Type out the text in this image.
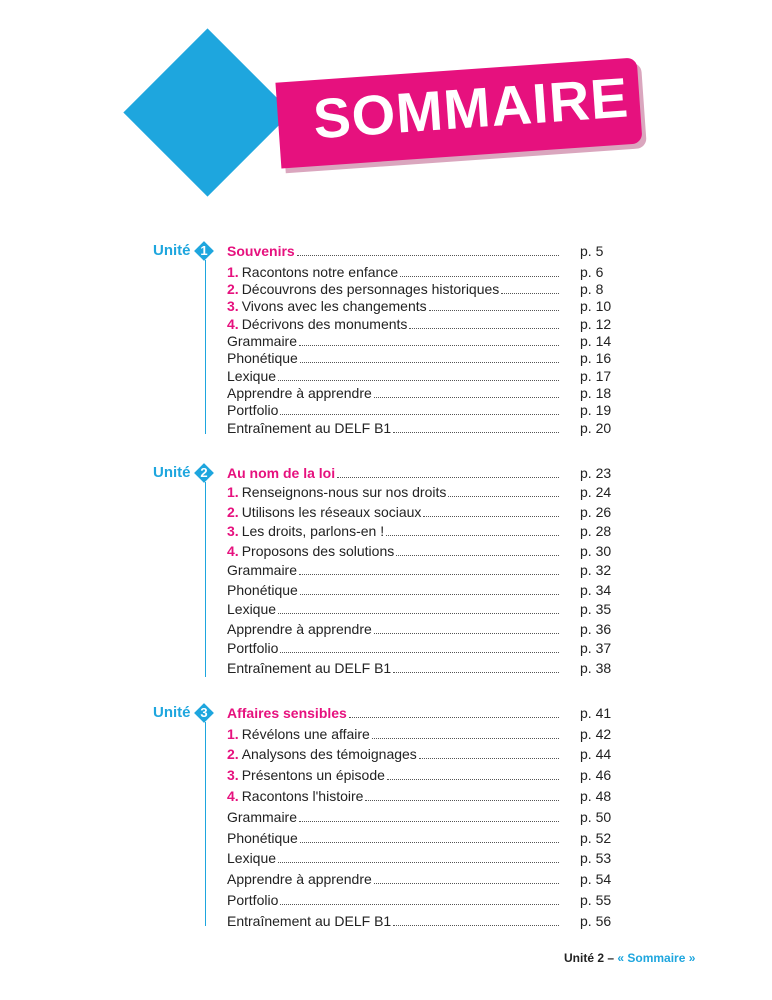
SOMMAIRE
Unité 1	Souvenirs	p. 5
1. Racontons notre enfance	p. 6
2. Découvrons des personnages historiques	p. 8
3. Vivons avec les changements	p. 10
4. Décrivons des monuments	p. 12
Grammaire	p. 14
Phonétique	p. 16
Lexique	p. 17
Apprendre à apprendre	p. 18
Portfolio	p. 19
Entraînement au DELF B1	p. 20
Unité 2	Au nom de la loi	p. 23
1. Renseignons-nous sur nos droits	p. 24
2. Utilisons les réseaux sociaux	p. 26
3. Les droits, parlons-en !	p. 28
4. Proposons des solutions	p. 30
Grammaire	p. 32
Phonétique	p. 34
Lexique	p. 35
Apprendre à apprendre	p. 36
Portfolio	p. 37
Entraînement au DELF B1	p. 38
Unité 3	Affaires sensibles	p. 41
1. Révélons une affaire	p. 42
2. Analysons des témoignages	p. 44
3. Présentons un épisode	p. 46
4. Racontons l'histoire	p. 48
Grammaire	p. 50
Phonétique	p. 52
Lexique	p. 53
Apprendre à apprendre	p. 54
Portfolio	p. 55
Entraînement au DELF B1	p. 56
Unité 2 – « Sommaire »
